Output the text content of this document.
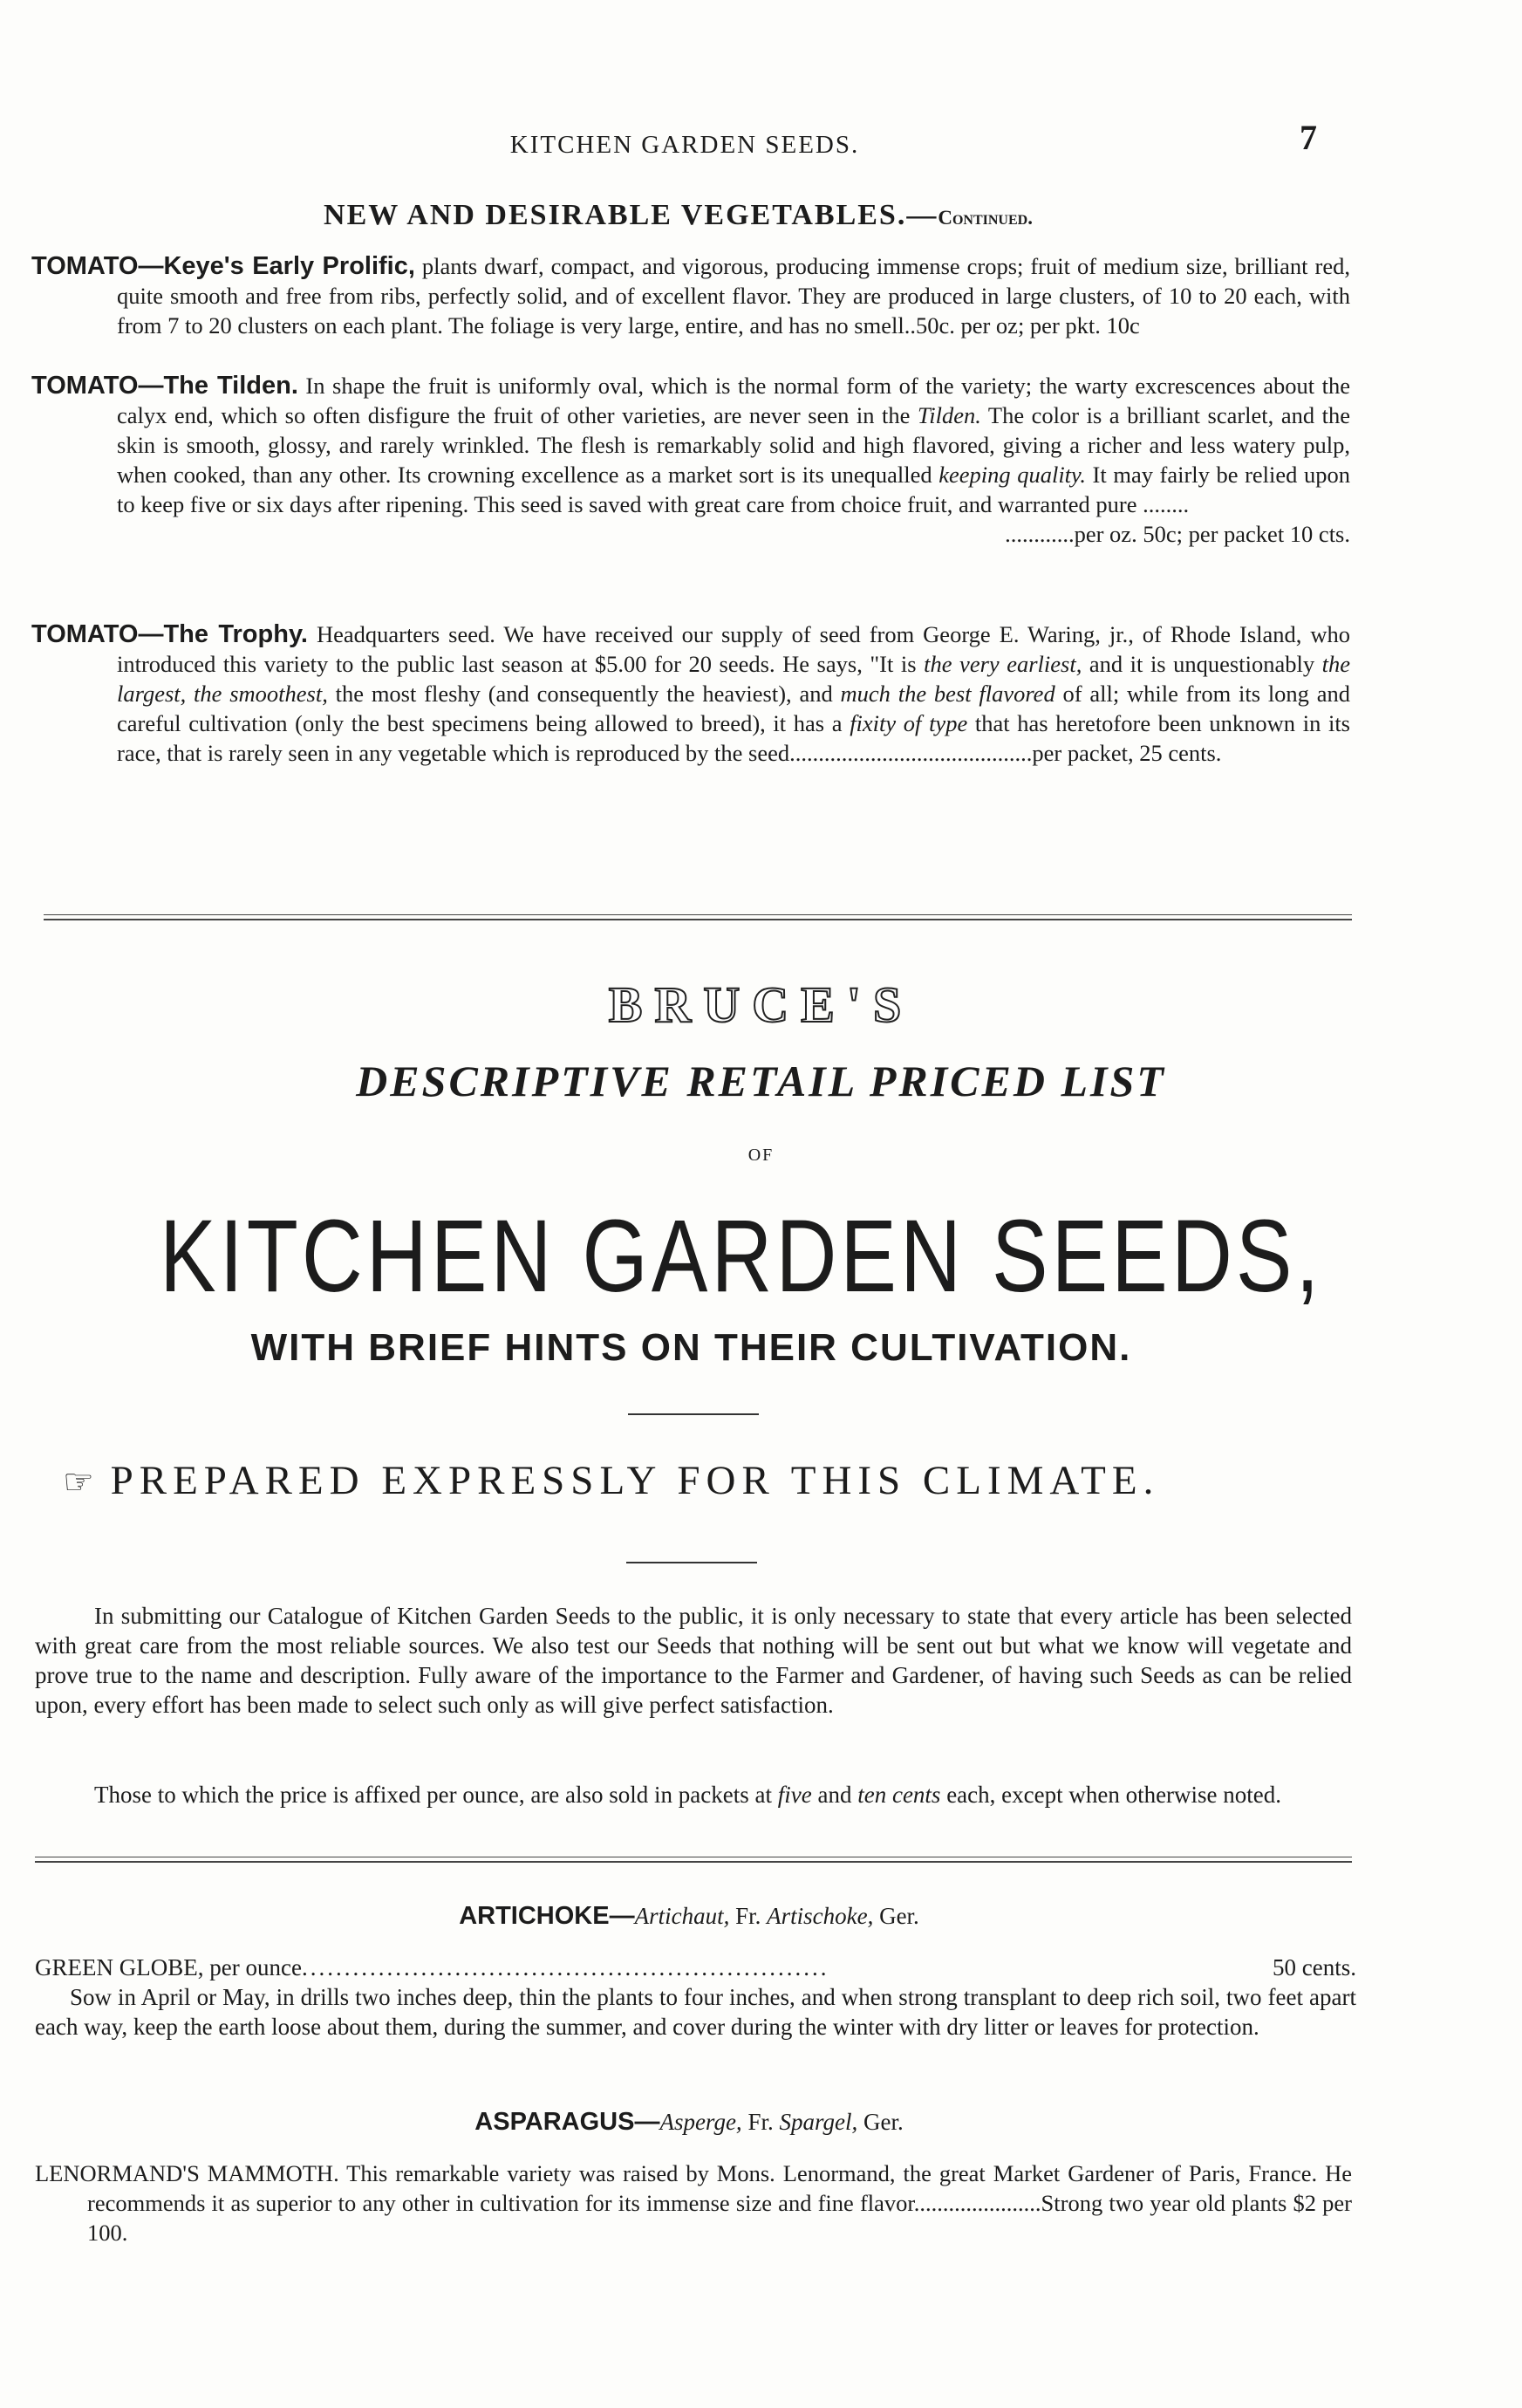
KITCHEN GARDEN SEEDS.	7
NEW AND DESIRABLE VEGETABLES.—Continued.

TOMATO—Keye's Early Prolific, plants dwarf, compact, and vigorous, producing immense crops; fruit of medium size, brilliant red, quite smooth and free from ribs, perfectly solid, and of excellent flavor. They are produced in large clusters, of 10 to 20 each, with from 7 to 20 clusters on each plant. The foliage is very large, entire, and has no smell..50c. per oz; per pkt. 10c

TOMATO—The Tilden. In shape the fruit is uniformly oval, which is the normal form of the variety; the warty excrescences about the calyx end, which so often disfigure the fruit of other varieties, are never seen in the Tilden. The color is a brilliant scarlet, and the skin is smooth, glossy, and rarely wrinkled. The flesh is remarkably solid and high flavored, giving a richer and less watery pulp, when cooked, than any other. Its crowning excellence as a market sort is its unequalled keeping quality. It may fairly be relied upon to keep five or six days after ripening. This seed is saved with great care from choice fruit, and warranted pure ........

............per oz. 50c; per packet 10 cts.

TOMATO—The Trophy. Headquarters seed. We have received our supply of seed from George E. Waring, jr., of Rhode Island, who introduced this variety to the public last season at $5.00 for 20 seeds. He says, "It is the very earliest, and it is unquestionably the largest, the smoothest, the most fleshy (and consequently the heaviest), and much the best flavored of all; while from its long and careful cultivation (only the best specimens being allowed to breed), it has a fixity of type that has heretofore been unknown in its race, that is rarely seen in any vegetable which is reproduced by the seed..........................................per packet, 25 cents.

BRUCE'S
DESCRIPTIVE RETAIL PRICED LIST
OF
KITCHEN GARDEN SEEDS,
WITH BRIEF HINTS ON THEIR CULTIVATION.
☞ PREPARED EXPRESSLY FOR THIS CLIMATE.

In submitting our Catalogue of Kitchen Garden Seeds to the public, it is only necessary to state that every article has been selected with great care from the most reliable sources. We also test our Seeds that nothing will be sent out but what we know will vegetate and prove true to the name and description. Fully aware of the importance to the Farmer and Gardener, of having such Seeds as can be relied upon, every effort has been made to select such only as will give perfect satisfaction.

Those to which the price is affixed per ounce, are also sold in packets at five and ten cents each, except when otherwise noted.

ARTICHOKE—Artichaut, Fr. Artischoke, Ger.
GREEN GLOBE, per ounce ..............................................................	50 cents.

Sow in April or May, in drills two inches deep, thin the plants to four inches, and when strong transplant to deep rich soil, two feet apart each way, keep the earth loose about them, during the summer, and cover during the winter with dry litter or leaves for protection.

ASPARAGUS—Asperge, Fr. Spargel, Ger.

LENORMAND'S MAMMOTH. This remarkable variety was raised by Mons. Lenormand, the great Market Gardener of Paris, France. He recommends it as superior to any other in cultivation for its immense size and fine flavor......................Strong two year old plants $2 per 100.
